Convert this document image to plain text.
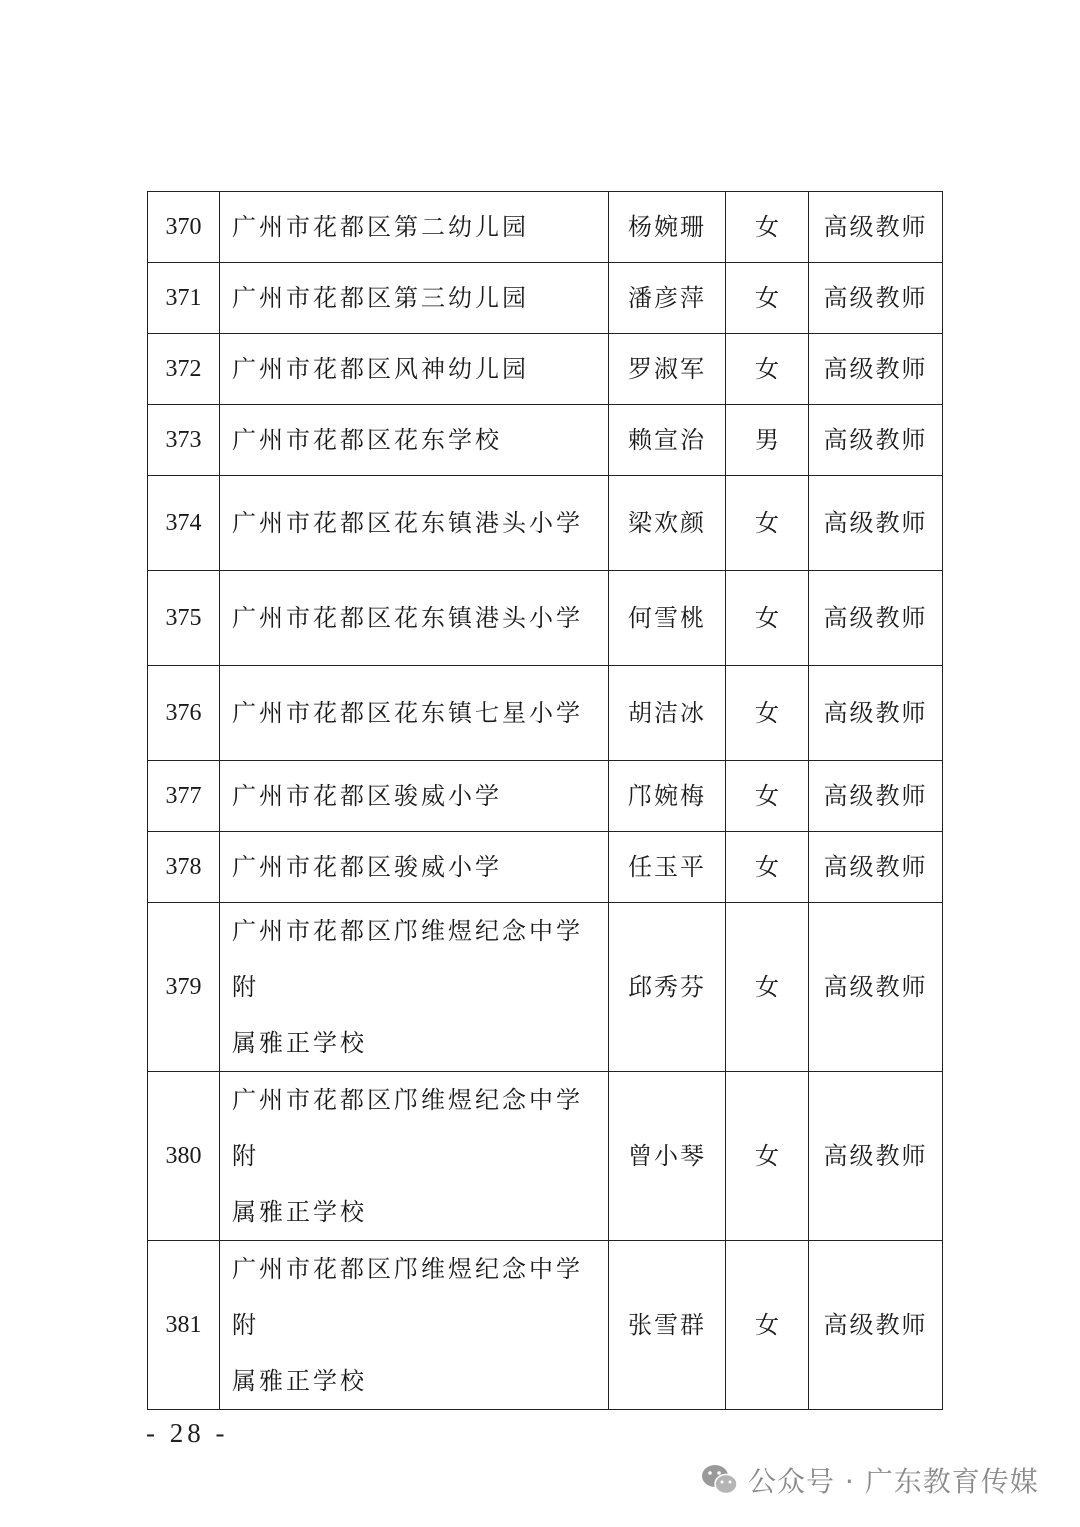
370	广州市花都区第二幼儿园	杨婉珊	女	高级教师
371	广州市花都区第三幼儿园	潘彦萍	女	高级教师
372	广州市花都区风神幼儿园	罗淑军	女	高级教师
373	广州市花都区花东学校	赖宣治	男	高级教师
374	广州市花都区花东镇港头小学	梁欢颜	女	高级教师
375	广州市花都区花东镇港头小学	何雪桃	女	高级教师
376	广州市花都区花东镇七星小学	胡洁冰	女	高级教师
377	广州市花都区骏威小学	邝婉梅	女	高级教师
378	广州市花都区骏威小学	任玉平	女	高级教师
379	广州市花都区邝维煜纪念中学附
属雅正学校	邱秀芬	女	高级教师
380	广州市花都区邝维煜纪念中学附
属雅正学校	曾小琴	女	高级教师
381	广州市花都区邝维煜纪念中学附
属雅正学校	张雪群	女	高级教师
- 28 -
公众号 · 广东教育传媒
